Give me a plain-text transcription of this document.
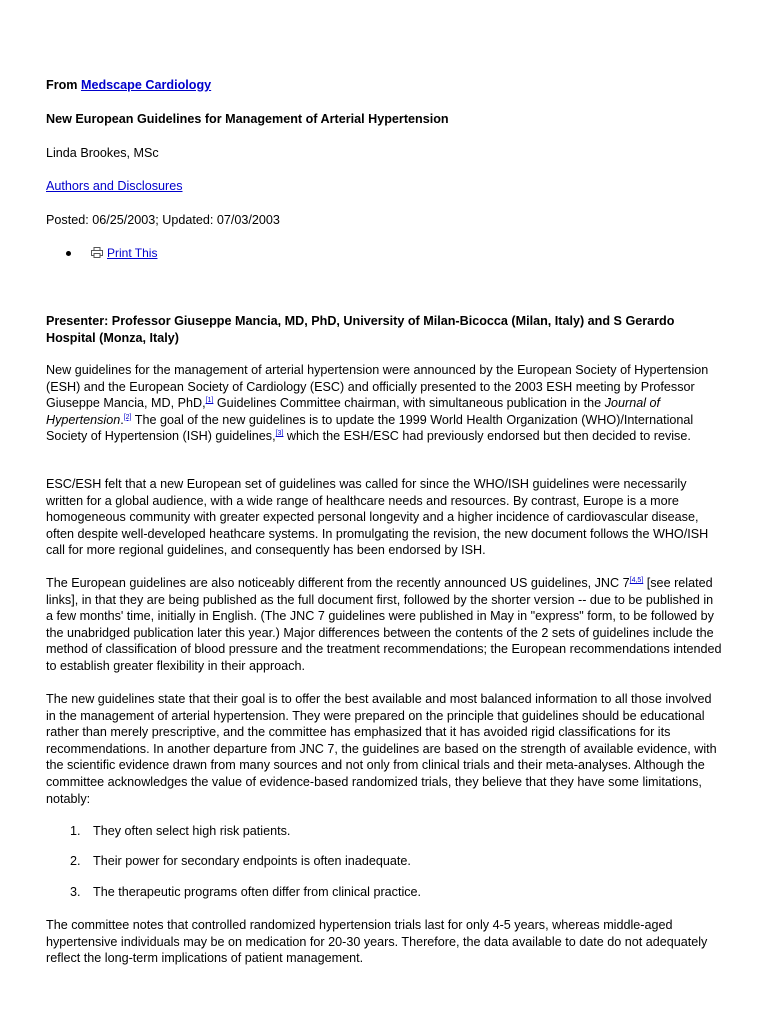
From Medscape Cardiology

New European Guidelines for Management of Arterial Hypertension

Linda Brookes, MSc

Authors and Disclosures

Posted: 06/25/2003; Updated: 07/03/2003

Print This

Presenter: Professor Giuseppe Mancia, MD, PhD, University of Milan-Bicocca (Milan, Italy) and S Gerardo Hospital (Monza, Italy)

New guidelines for the management of arterial hypertension were announced by the European Society of Hypertension (ESH) and the European Society of Cardiology (ESC) and officially presented to the 2003 ESH meeting by Professor Giuseppe Mancia, MD, PhD,[1] Guidelines Committee chairman, with simultaneous publication in the Journal of Hypertension.[2] The goal of the new guidelines is to update the 1999 World Health Organization (WHO)/International Society of Hypertension (ISH) guidelines,[3] which the ESH/ESC had previously endorsed but then decided to revise.

ESC/ESH felt that a new European set of guidelines was called for since the WHO/ISH guidelines were necessarily written for a global audience, with a wide range of healthcare needs and resources. By contrast, Europe is a more homogeneous community with greater expected personal longevity and a higher incidence of cardiovascular disease, often despite well-developed heathcare systems. In promulgating the revision, the new document follows the WHO/ISH call for more regional guidelines, and consequently has been endorsed by ISH.

The European guidelines are also noticeably different from the recently announced US guidelines, JNC 7[4,5] [see related links], in that they are being published as the full document first, followed by the shorter version -- due to be published in a few months' time, initially in English. (The JNC 7 guidelines were published in May in "express" form, to be followed by the unabridged publication later this year.) Major differences between the contents of the 2 sets of guidelines include the method of classification of blood pressure and the treatment recommendations; the European recommendations intended to establish greater flexibility in their approach.

The new guidelines state that their goal is to offer the best available and most balanced information to all those involved in the management of arterial hypertension. They were prepared on the principle that guidelines should be educational rather than merely prescriptive, and the committee has emphasized that it has avoided rigid classifications for its recommendations. In another departure from JNC 7, the guidelines are based on the strength of available evidence, with the scientific evidence drawn from many sources and not only from clinical trials and their meta-analyses. Although the committee acknowledges the value of evidence-based randomized trials, they believe that they have some limitations, notably:

1. They often select high risk patients.
2. Their power for secondary endpoints is often inadequate.
3. The therapeutic programs often differ from clinical practice.

The committee notes that controlled randomized hypertension trials last for only 4-5 years, whereas middle-aged hypertensive individuals may be on medication for 20-30 years. Therefore, the data available to date do not adequately reflect the long-term implications of patient management.
